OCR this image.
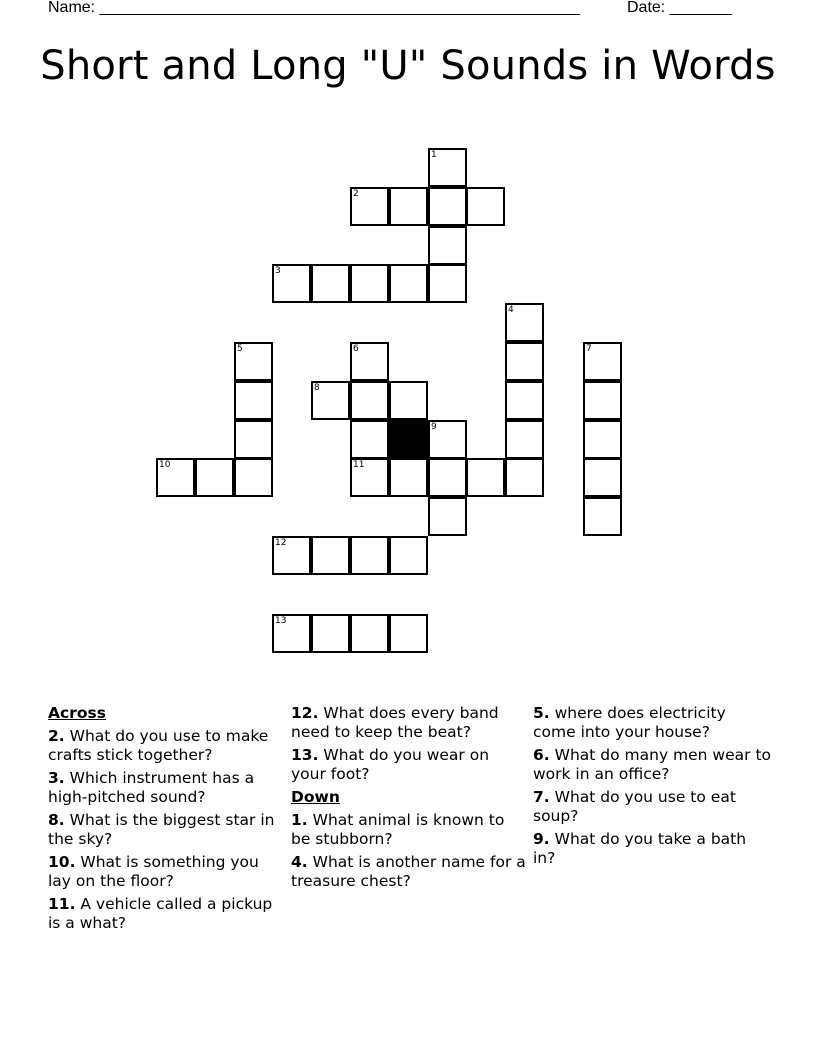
Name: ______________________________________________________	Date: _______
Short and Long "U" Sounds in Words
1
2
3
4
5	6	7
8
9
10	11
12
13
Across
2. What do you use to make crafts stick together?
3. Which instrument has a high-pitched sound?
8. What is the biggest star in the sky?
10. What is something you lay on the floor?
11. A vehicle called a pickup is a what?
12. What does every band need to keep the beat?
13. What do you wear on your foot?
Down
1. What animal is known to be stubborn?
4. What is another name for a treasure chest?
5. where does electricity come into your house?
6. What do many men wear to work in an office?
7. What do you use to eat soup?
9. What do you take a bath in?
